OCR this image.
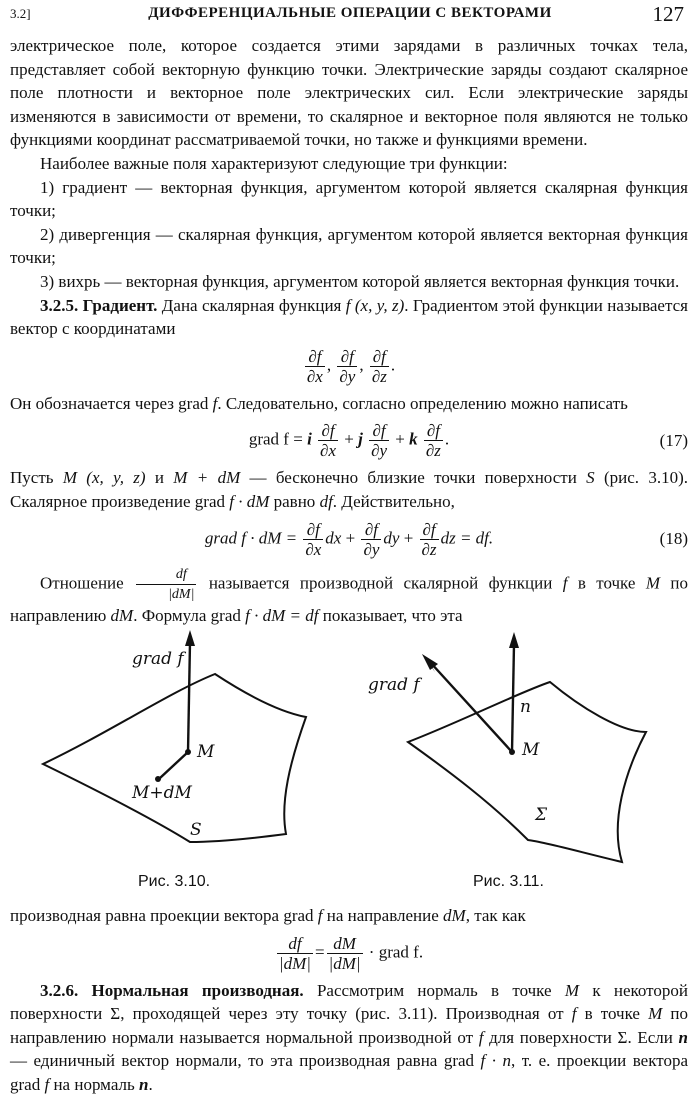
3.2]	ДИФФЕРЕНЦИАЛЬНЫЕ ОПЕРАЦИИ С ВЕКТОРАМИ	127

электрическое поле, которое создается этими зарядами в различных точках тела, представляет собой векторную функцию точки. Электрические заряды создают скалярное поле плотности и векторное поле электрических сил. Если электрические заряды изменяются в зависимости от времени, то скалярное и векторное поля являются не только функциями координат рассматриваемой точки, но также и функциями времени.

Наиболее важные поля характеризуют следующие три функции:

1) градиент — векторная функция, аргументом которой является скалярная функция точки;

2) дивергенция — скалярная функция, аргументом которой является векторная функция точки;

3) вихрь — векторная функция, аргументом которой является векторная функция точки.

3.2.5. Градиент. Дана скалярная функция f (x, y, z). Градиентом этой функции называется вектор с координатами

$\frac{\partial f}{\partial x}$ , $\frac{\partial f}{\partial y}$ , $\frac{\partial f}{\partial z}$ .

Он обозначается через grad f. Следовательно, согласно определению можно написать

grad f = i $\frac{\partial f}{\partial x} + j \frac{\partial f}{\partial y} + k \frac{\partial f}{\partial z}$ .	(17)

Пусть M (x, y, z) и M + dM — бесконечно близкие точки поверхности S (рис. 3.10). Скалярное произведение grad f · dM равно df. Действительно,

grad f · dM = $\frac{\partial f}{\partial x}$ dx + $\frac{\partial f}{\partial y}$ dy + $\frac{\partial f}{\partial z}$ dz = df.	(18)

Отношение $\frac{df}{|dM|}$ называется производной скалярной функции f в точке M по направлению dM. Формула grad f · dM = df показывает, что эта

grad f
M
M+dM
S
grad f
n
M
Σ
Рис. 3.10.	Рис. 3.11.

производная равна проекции вектора grad f на направление dM, так как

$\frac{df}{|dM|} = \frac{dM}{|dM|}$ · grad f.

3.2.6. Нормальная производная. Рассмотрим нормаль в точке M к некоторой поверхности Σ, проходящей через эту точку (рис. 3.11). Производная от f в точке M по направлению нормали называется нормальной производной от f для поверхности Σ. Если n — единичный вектор нормали, то эта производная равна grad f · n, т. е. проекции вектора grad f на нормаль n.
